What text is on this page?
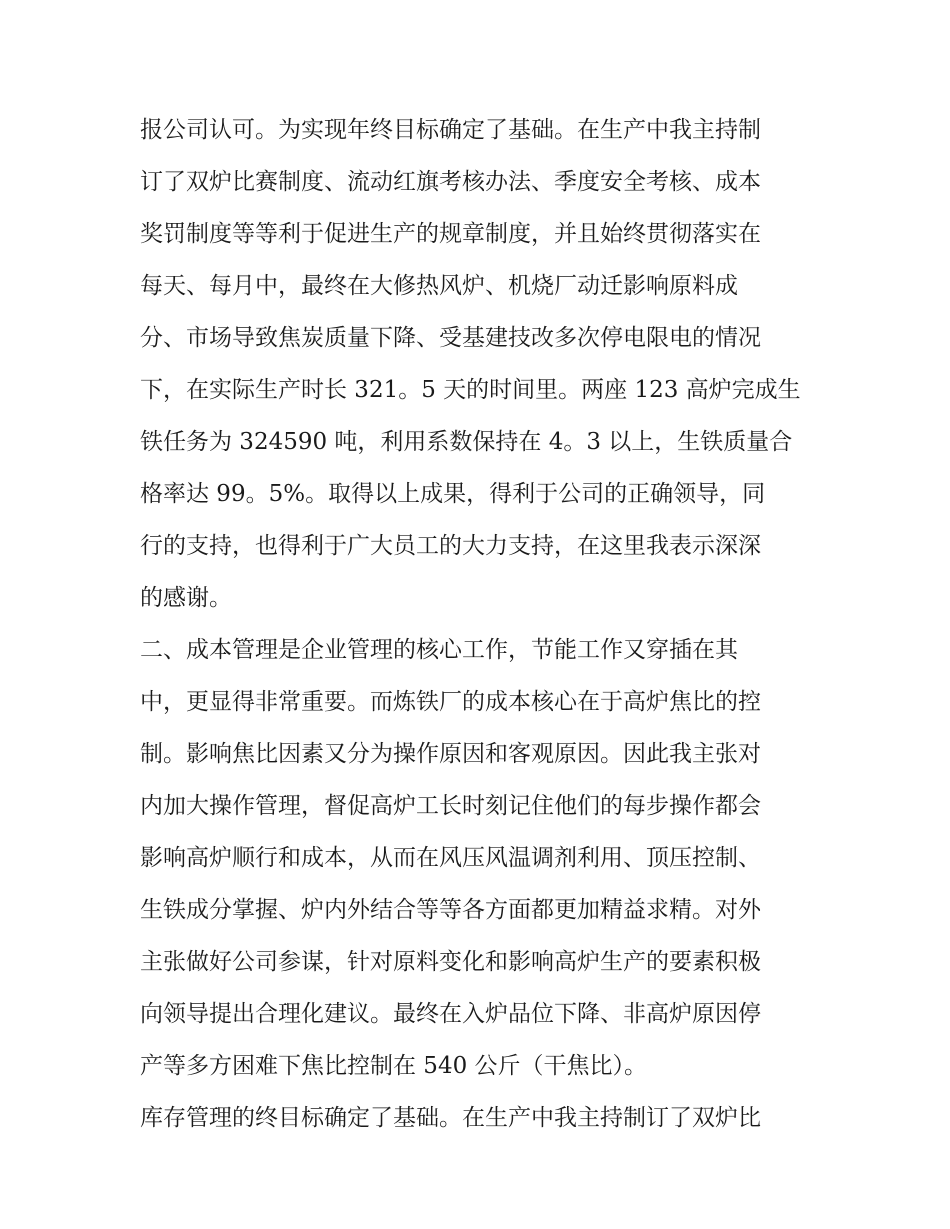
报公司认可。为实现年终目标确定了基础。在生产中我主持制
订了双炉比赛制度、流动红旗考核办法、季度安全考核、成本
奖罚制度等等利于促进生产的规章制度，并且始终贯彻落实在
每天、每月中，最终在大修热风炉、机烧厂动迁影响原料成
分、市场导致焦炭质量下降、受基建技改多次停电限电的情况
下，在实际生产时长 321。5 天的时间里。两座 123 高炉完成生
铁任务为 324590 吨，利用系数保持在 4。3 以上，生铁质量合
格率达 99。5%。取得以上成果，得利于公司的正确领导，同
行的支持，也得利于广大员工的大力支持，在这里我表示深深
的感谢。
二、成本管理是企业管理的核心工作，节能工作又穿插在其
中，更显得非常重要。而炼铁厂的成本核心在于高炉焦比的控
制。影响焦比因素又分为操作原因和客观原因。因此我主张对
内加大操作管理，督促高炉工长时刻记住他们的每步操作都会
影响高炉顺行和成本，从而在风压风温调剂利用、顶压控制、
生铁成分掌握、炉内外结合等等各方面都更加精益求精。对外
主张做好公司参谋，针对原料变化和影响高炉生产的要素积极
向领导提出合理化建议。最终在入炉品位下降、非高炉原因停
产等多方困难下焦比控制在 540 公斤（干焦比）。
库存管理的终目标确定了基础。在生产中我主持制订了双炉比
